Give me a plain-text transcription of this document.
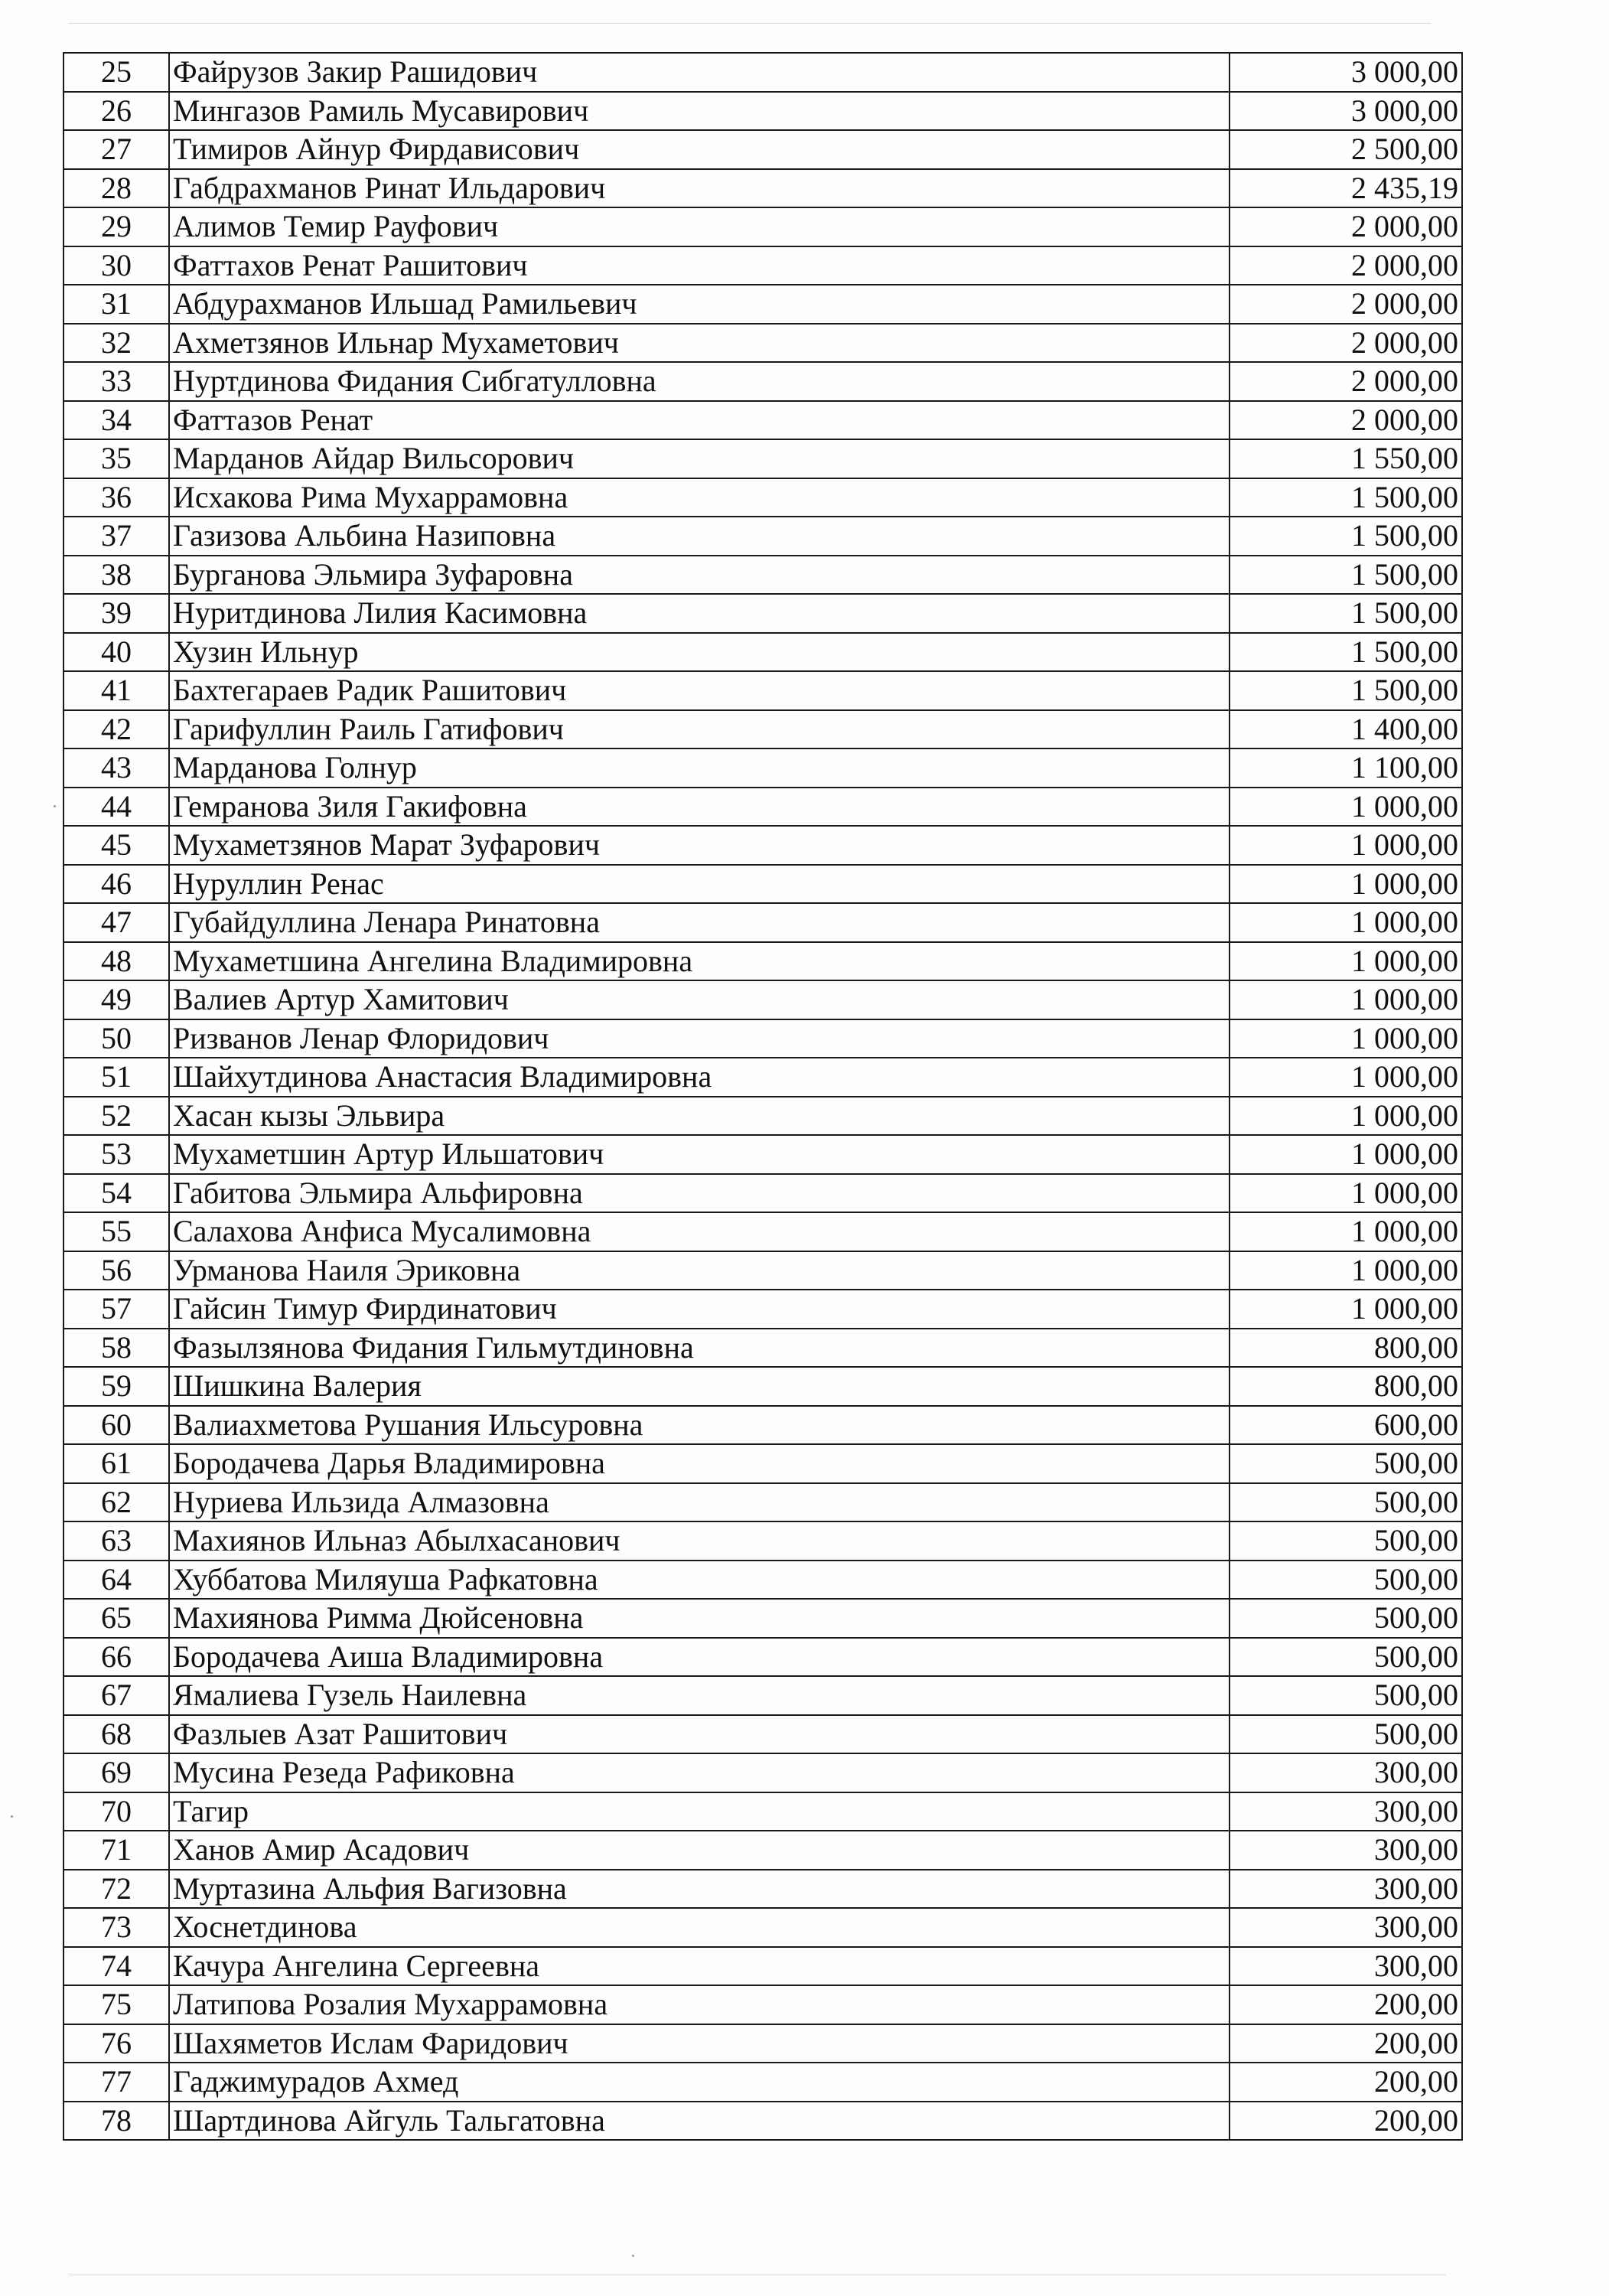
25	Файрузов Закир Рашидович	3 000,00
26	Мингазов Рамиль Мусавирович	3 000,00
27	Тимиров Айнур Фирдависович	2 500,00
28	Габдрахманов Ринат Ильдарович	2 435,19
29	Алимов Темир Рауфович	2 000,00
30	Фаттахов Ренат Рашитович	2 000,00
31	Абдурахманов Ильшад Рамильевич	2 000,00
32	Ахметзянов Ильнар Мухаметович	2 000,00
33	Нуртдинова Фидания Сибгатулловна	2 000,00
34	Фаттазов Ренат	2 000,00
35	Марданов Айдар Вильсорович	1 550,00
36	Исхакова Рима Мухаррамовна	1 500,00
37	Газизова Альбина Назиповна	1 500,00
38	Бурганова Эльмира Зуфаровна	1 500,00
39	Нуритдинова Лилия Касимовна	1 500,00
40	Хузин Ильнур	1 500,00
41	Бахтегараев Радик Рашитович	1 500,00
42	Гарифуллин Раиль Гатифович	1 400,00
43	Марданова Голнур	1 100,00
44	Гемранова Зиля Гакифовна	1 000,00
45	Мухаметзянов Марат Зуфарович	1 000,00
46	Нуруллин Ренас	1 000,00
47	Губайдуллина Ленара Ринатовна	1 000,00
48	Мухаметшина Ангелина Владимировна	1 000,00
49	Валиев Артур Хамитович	1 000,00
50	Ризванов Ленар Флоридович	1 000,00
51	Шайхутдинова Анастасия Владимировна	1 000,00
52	Хасан кызы Эльвира	1 000,00
53	Мухаметшин Артур Ильшатович	1 000,00
54	Габитова Эльмира Альфировна	1 000,00
55	Салахова Анфиса Мусалимовна	1 000,00
56	Урманова Наиля Эриковна	1 000,00
57	Гайсин Тимур Фирдинатович	1 000,00
58	Фазылзянова Фидания Гильмутдиновна	800,00
59	Шишкина Валерия	800,00
60	Валиахметова Рушания Ильсуровна	600,00
61	Бородачева Дарья Владимировна	500,00
62	Нуриева Ильзида Алмазовна	500,00
63	Махиянов Ильназ Абылхасанович	500,00
64	Хуббатова Миляуша Рафкатовна	500,00
65	Махиянова Римма Дюйсеновна	500,00
66	Бородачева Аиша Владимировна	500,00
67	Ямалиева Гузель Наилевна	500,00
68	Фазлыев Азат Рашитович	500,00
69	Мусина Резеда Рафиковна	300,00
70	Тагир	300,00
71	Ханов Амир Асадович	300,00
72	Муртазина Альфия Вагизовна	300,00
73	Хоснетдинова	300,00
74	Качура Ангелина Сергеевна	300,00
75	Латипова Розалия Мухаррамовна	200,00
76	Шахяметов Ислам Фаридович	200,00
77	Гаджимурадов Ахмед	200,00
78	Шартдинова Айгуль Тальгатовна	200,00
